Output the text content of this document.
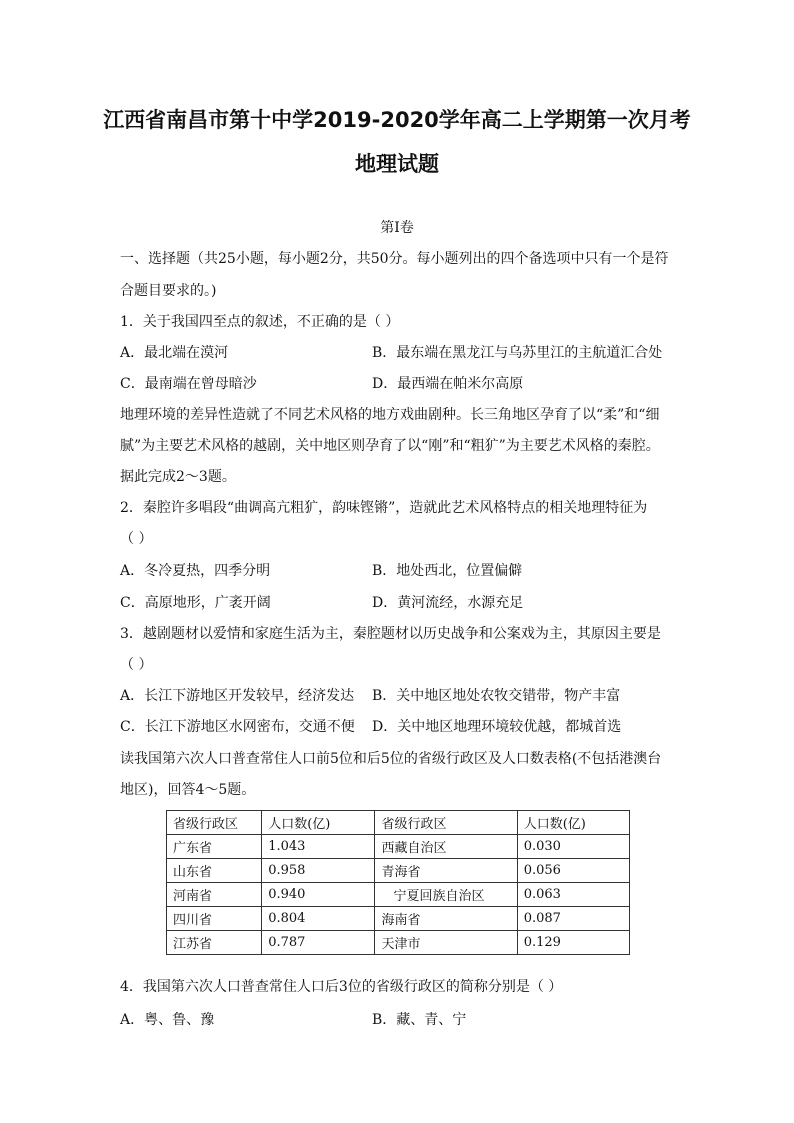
江西省南昌市第十中学2019-2020学年高二上学期第一次月考
地理试题
第I卷
一、选择题（共25小题，每小题2分，共50分。每小题列出的四个备选项中只有一个是符
合题目要求的。)
1．关于我国四至点的叙述，不正确的是（ ）
A．最北端在漠河	B．最东端在黑龙江与乌苏里江的主航道汇合处
C．最南端在曾母暗沙	D．最西端在帕米尔高原
地理环境的差异性造就了不同艺术风格的地方戏曲剧种。长三角地区孕育了以“柔”和“细
腻”为主要艺术风格的越剧，关中地区则孕育了以“刚”和“粗犷”为主要艺术风格的秦腔。
据此完成2～3题。
2．秦腔许多唱段“曲调高亢粗犷，韵味铿锵”，造就此艺术风格特点的相关地理特征为
（ ）
A．冬冷夏热，四季分明	B．地处西北，位置偏僻
C．高原地形，广袤开阔	D．黄河流经，水源充足
3．越剧题材以爱情和家庭生活为主，秦腔题材以历史战争和公案戏为主，其原因主要是
（ ）
A．长江下游地区开发较早，经济发达 B．关中地区地处农牧交错带，物产丰富
C．长江下游地区水网密布，交通不便 D．关中地区地理环境较优越，都城首选
读我国第六次人口普查常住人口前5位和后5位的省级行政区及人口数表格(不包括港澳台
地区)，回答4～5题。
省级行政区	人口数(亿)	省级行政区	人口数(亿)
广东省	1.043	西藏自治区	0.030
山东省	0.958	青海省	0.056
河南省	0.940	宁夏回族自治区	0.063
四川省	0.804	海南省	0.087
江苏省	0.787	天津市	0.129
4．我国第六次人口普查常住人口后3位的省级行政区的简称分别是（ ）
A．粤、鲁、豫	B．藏、青、宁
